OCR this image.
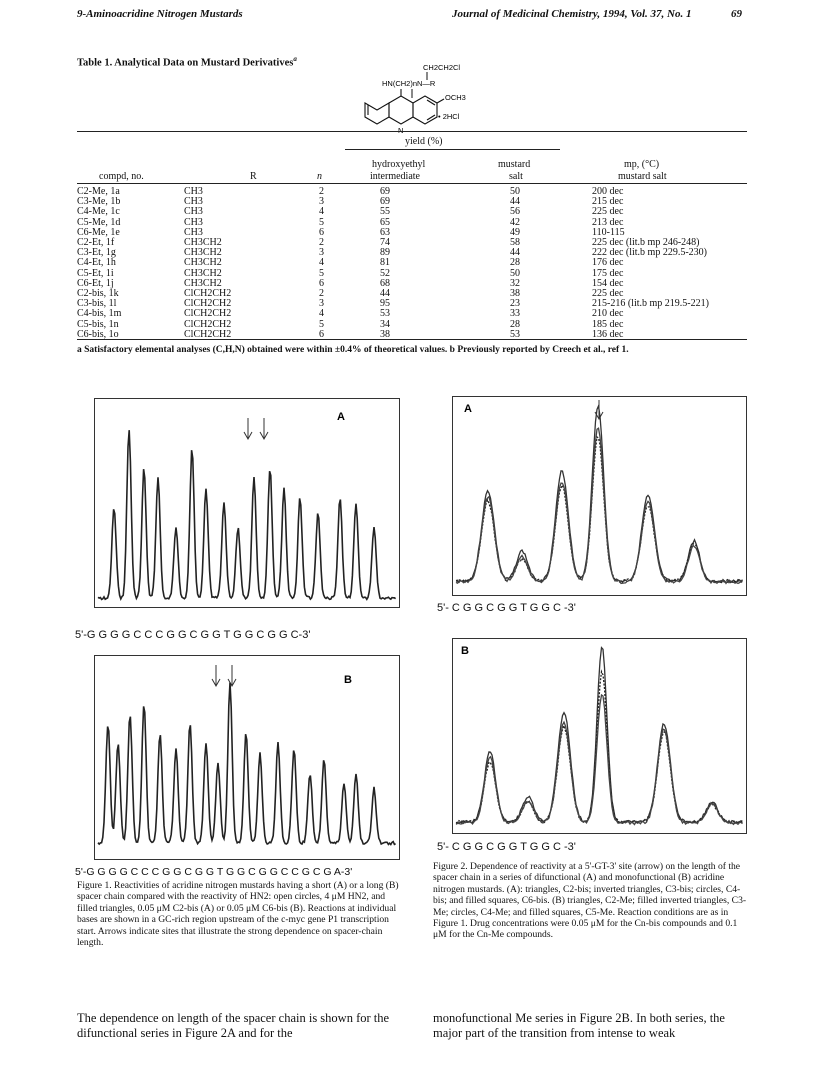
9-Aminoacridine Nitrogen Mustards	Journal of Medicinal Chemistry, 1994, Vol. 37, No. 1	69
Table 1. Analytical Data on Mustard Derivatives$^a$
CH2CH2Cl
HN(CH2)nN—R
OCH3
• 2HCl
N
yield (%)
compd, no.	R	n
hydroxyethyl
intermediate
mustard
salt
mp, (°C)
mustard salt
C2-Me, 1a	CH3	2	69	50	200 dec
C3-Me, 1b	CH3	3	69	44	215 dec
C4-Me, 1c	CH3	4	55	56	225 dec
C5-Me, 1d	CH3	5	65	42	213 dec
C6-Me, 1e	CH3	6	63	49	110-115
C2-Et, 1f	CH3CH2	2	74	58	225 dec (lit.b mp 246-248)
C3-Et, 1g	CH3CH2	3	89	44	222 dec (lit.b mp 229.5-230)
C4-Et, 1h	CH3CH2	4	81	28	176 dec
C5-Et, 1i	CH3CH2	5	52	50	175 dec
C6-Et, 1j	CH3CH2	6	68	32	154 dec
C2-bis, 1k	ClCH2CH2	2	44	38	225 dec
C3-bis, 1l	ClCH2CH2	3	95	23	215-216 (lit.b mp 219.5-221)
C4-bis, 1m	ClCH2CH2	4	53	33	210 dec
C5-bis, 1n	ClCH2CH2	5	34	28	185 dec
C6-bis, 1o	ClCH2CH2	6	38	53	136 dec
a Satisfactory elemental analyses (C,H,N) obtained were within ±0.4% of theoretical values. b Previously reported by Creech et al., ref 1.
A
5'-G G G G C C C G G C G G T G G C G G C-3'
B
5'-G G G G C C C G G C G G T G G C G G C C G C G A-3'
A
5'- C G G C G G T G G C -3'
B
5'- C G G C G G T G G C -3'
Figure 1. Reactivities of acridine nitrogen mustards having a short (A) or a long (B) spacer chain compared with the reactivity of HN2: open circles, 4 μM HN2, and filled triangles, 0.05 μM C2-bis (A) or 0.05 μM C6-bis (B). Reactions at individual bases are shown in a GC-rich region upstream of the c-myc gene P1 transcription start. Arrows indicate sites that illustrate the strong dependence on spacer-chain length.
Figure 2. Dependence of reactivity at a 5'-GT-3' site (arrow) on the length of the spacer chain in a series of difunctional (A) and monofunctional (B) acridine nitrogen mustards. (A): triangles, C2-bis; inverted triangles, C3-bis; circles, C4-bis; and filled squares, C6-bis. (B) triangles, C2-Me; filled inverted triangles, C3-Me; circles, C4-Me; and filled squares, C5-Me. Reaction conditions are as in Figure 1. Drug concentrations were 0.05 μM for the Cn-bis compounds and 0.1 μM for the Cn-Me compounds.
The dependence on length of the spacer chain is shown for the difunctional series in Figure 2A and for the
monofunctional Me series in Figure 2B. In both series, the major part of the transition from intense to weak
